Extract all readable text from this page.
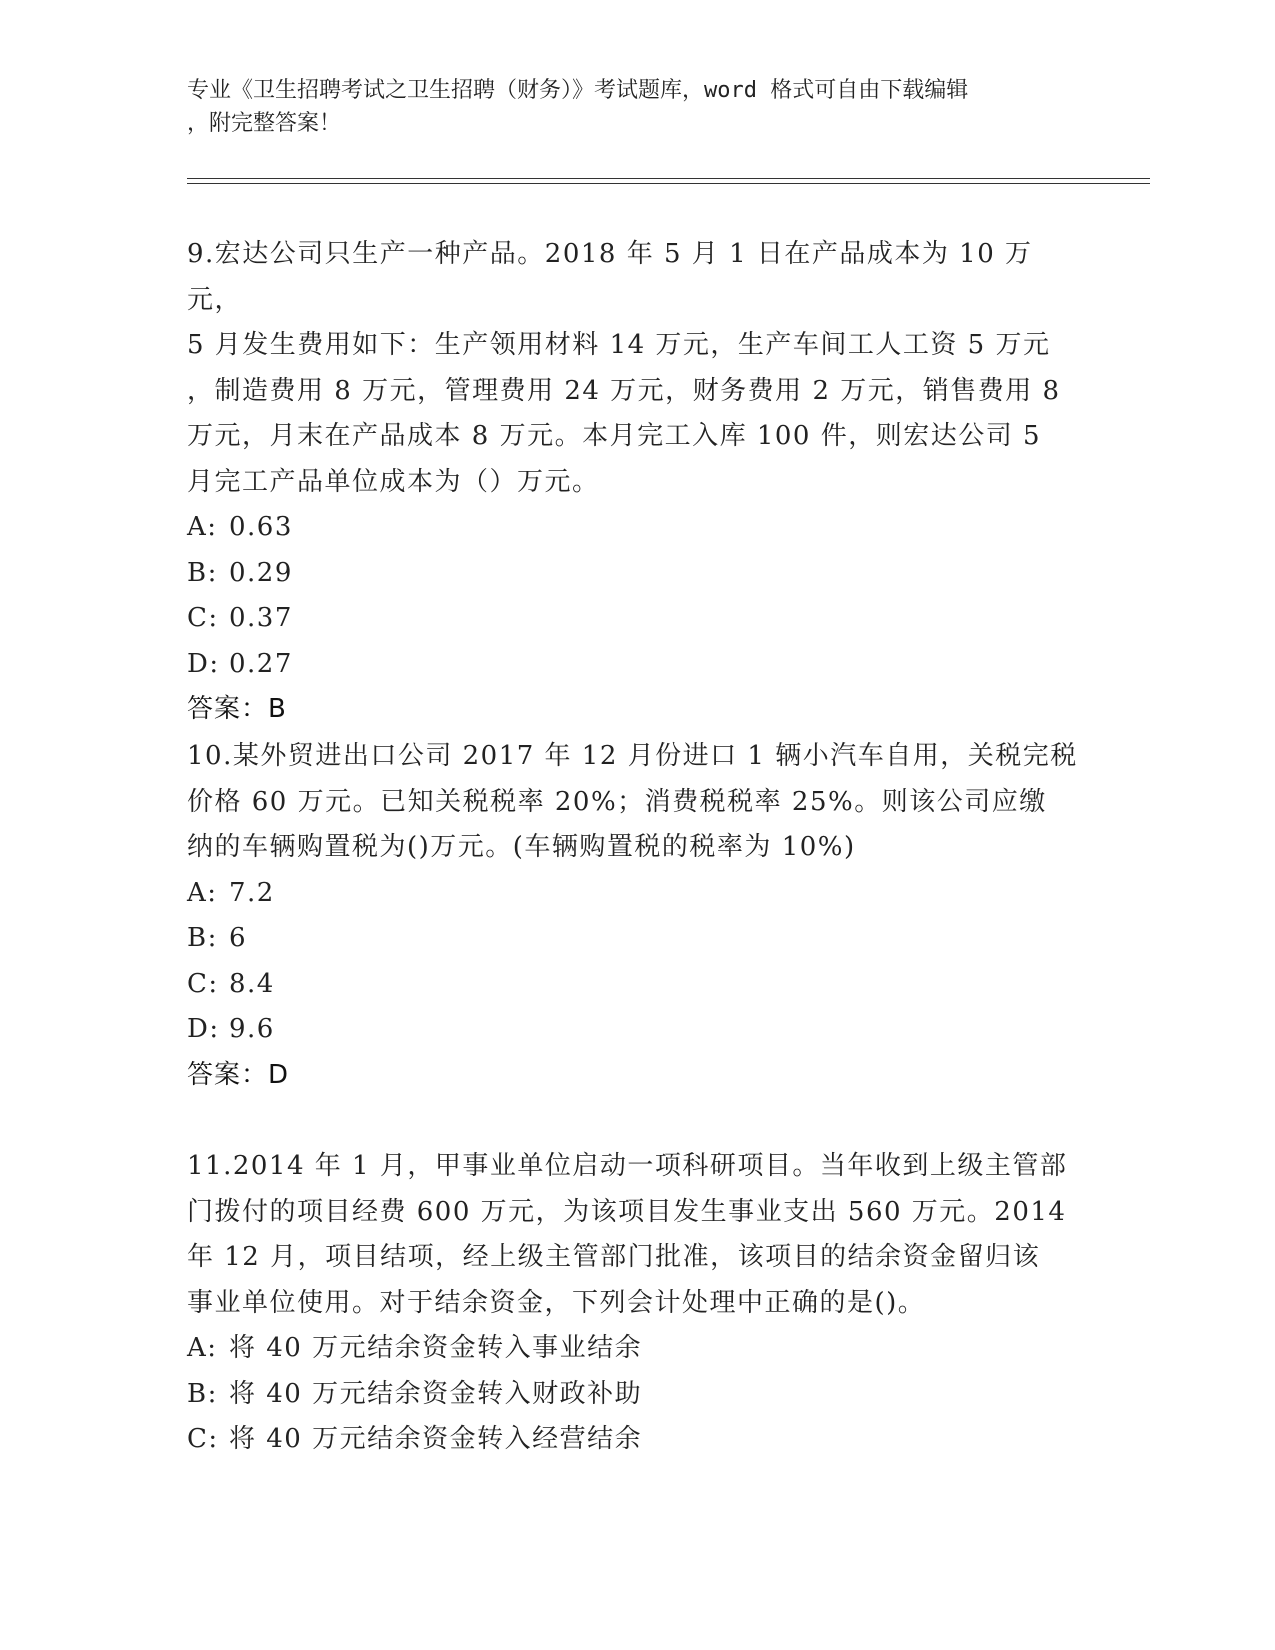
专业《卫生招聘考试之卫生招聘（财务）》考试题库，word 格式可自由下载编辑
，附完整答案！
9.宏达公司只生产一种产品。2018 年 5 月 1 日在产品成本为 10 万元，
5 月发生费用如下：生产领用材料 14 万元，生产车间工人工资 5 万元
，制造费用 8 万元，管理费用 24 万元，财务费用 2 万元，销售费用 8
万元，月末在产品成本 8 万元。本月完工入库 100 件，则宏达公司 5
月完工产品单位成本为（）万元。
A: 0.63
B: 0.29
C: 0.37
D: 0.27
答案：B
10.某外贸进出口公司 2017 年 12 月份进口 1 辆小汽车自用，关税完税
价格 60 万元。已知关税税率 20%；消费税税率 25%。则该公司应缴
纳的车辆购置税为()万元。(车辆购置税的税率为 10%)
A: 7.2
B: 6
C: 8.4
D: 9.6
答案：D
11.2014 年 1 月，甲事业单位启动一项科研项目。当年收到上级主管部
门拨付的项目经费 600 万元，为该项目发生事业支出 560 万元。2014
年 12 月，项目结项，经上级主管部门批准，该项目的结余资金留归该
事业单位使用。对于结余资金，下列会计处理中正确的是()。
A: 将 40 万元结余资金转入事业结余
B: 将 40 万元结余资金转入财政补助
C: 将 40 万元结余资金转入经营结余
